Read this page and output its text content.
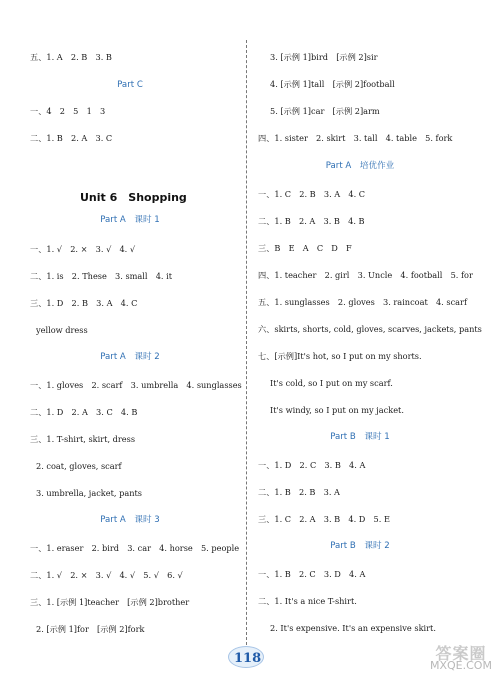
五、1. A　2. B　3. B
Part C
一、4　2　5　1　3
二、1. B　2. A　3. C
Unit 6　Shopping
Part A　课时 1
一、1. √　2. ×　3. √　4. √
二、1. is　2. These　3. small　4. it
三、1. D　2. B　3. A　4. C
yellow dress
Part A　课时 2
一、1. gloves　2. scarf　3. umbrella　4. sunglasses
二、1. D　2. A　3. C　4. B
三、1. T-shirt, skirt, dress
2. coat, gloves, scarf
3. umbrella, jacket, pants
Part A　课时 3
一、1. eraser　2. bird　3. car　4. horse　5. people
二、1. √　2. ×　3. √　4. √　5. √　6. √
三、1. [示例 1]teacher　[示例 2]brother
2. [示例 1]for　[示例 2]fork
3. [示例 1]bird　[示例 2]sir
4. [示例 1]tall　[示例 2]football
5. [示例 1]car　[示例 2]arm
四、1. sister　2. skirt　3. tall　4. table　5. fork
Part A　培优作业
一、1. C　2. B　3. A　4. C
二、1. B　2. A　3. B　4. B
三、B　E　A　C　D　F
四、1. teacher　2. girl　3. Uncle　4. football　5. for
五、1. sunglasses　2. gloves　3. raincoat　4. scarf
六、skirts, shorts, cold, gloves, scarves, jackets, pants
七、[示例]It's hot, so I put on my shorts.
It's cold, so I put on my scarf.
It's windy, so I put on my jacket.
Part B　课时 1
一、1. D　2. C　3. B　4. A
二、1. B　2. B　3. A
三、1. C　2. A　3. B　4. D　5. E
Part B　课时 2
一、1. B　2. C　3. D　4. A
二、1. It's a nice T-shirt.
2. It's expensive. It's an expensive skirt.
118	答案圈
MXQE.COM
